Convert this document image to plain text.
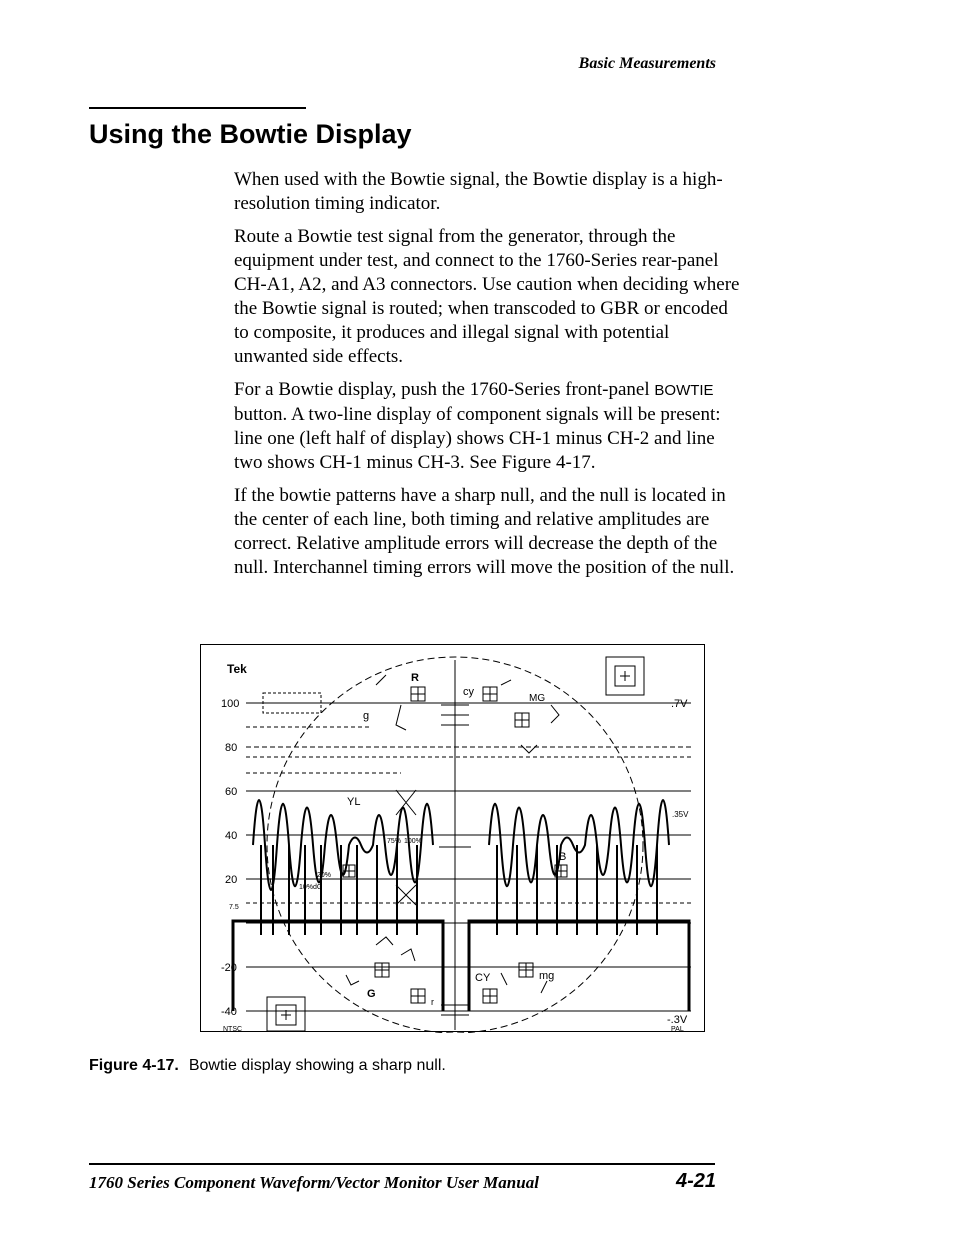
Basic Measurements
Using the Bowtie Display

When used with the Bowtie signal, the Bowtie display is a high-resolution timing indicator.

Route a Bowtie test signal from the generator, through the equipment under test, and connect to the 1760-Series rear-panel CH-A1, A2, and A3 connectors. Use caution when deciding where the Bowtie signal is routed; when transcoded to GBR or encoded to composite, it produces and illegal signal with potential unwanted side effects.

For a Bowtie display, push the 1760-Series front-panel BOWTIE button. A two-line display of component signals will be present: line one (left half of display) shows CH-1 minus CH-2 and line two shows CH-1 minus CH-3. See Figure 4-17.

If the bowtie patterns have a sharp null, and the null is located in the center of each line, both timing and relative amplitudes are correct. Relative amplitude errors will decrease the depth of the null. Interchannel timing errors will move the position of the null.

Tek
100
80
60
40
20
7.5
-20
-40
.7V
.35V
-.3V
R
cy
MG
g
YL
B
G
r
CY	mg
75% 100%
20%
10%dG
NTSC	PAL
Figure 4-17. Bowtie display showing a sharp null.
1760 Series Component Waveform/Vector Monitor User Manual	4-21
